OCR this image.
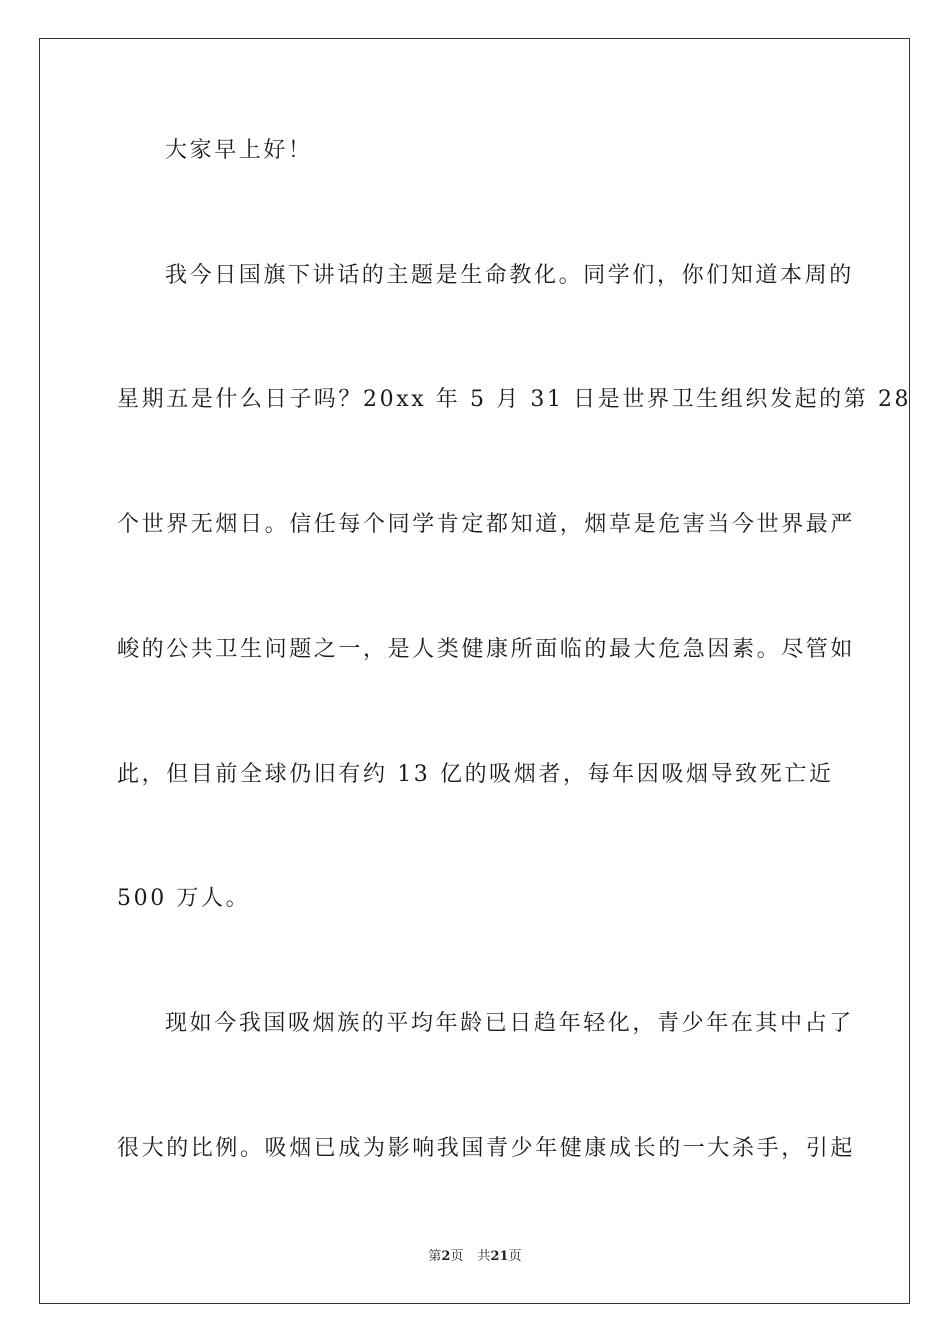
大家早上好！
我今日国旗下讲话的主题是生命教化。同学们，你们知道本周的
星期五是什么日子吗？20xx 年 5 月 31 日是世界卫生组织发起的第 28
个世界无烟日。信任每个同学肯定都知道，烟草是危害当今世界最严
峻的公共卫生问题之一，是人类健康所面临的最大危急因素。尽管如
此，但目前全球仍旧有约 13 亿的吸烟者，每年因吸烟导致死亡近
500 万人。
现如今我国吸烟族的平均年龄已日趋年轻化，青少年在其中占了
很大的比例。吸烟已成为影响我国青少年健康成长的一大杀手，引起
第2页 共21页
